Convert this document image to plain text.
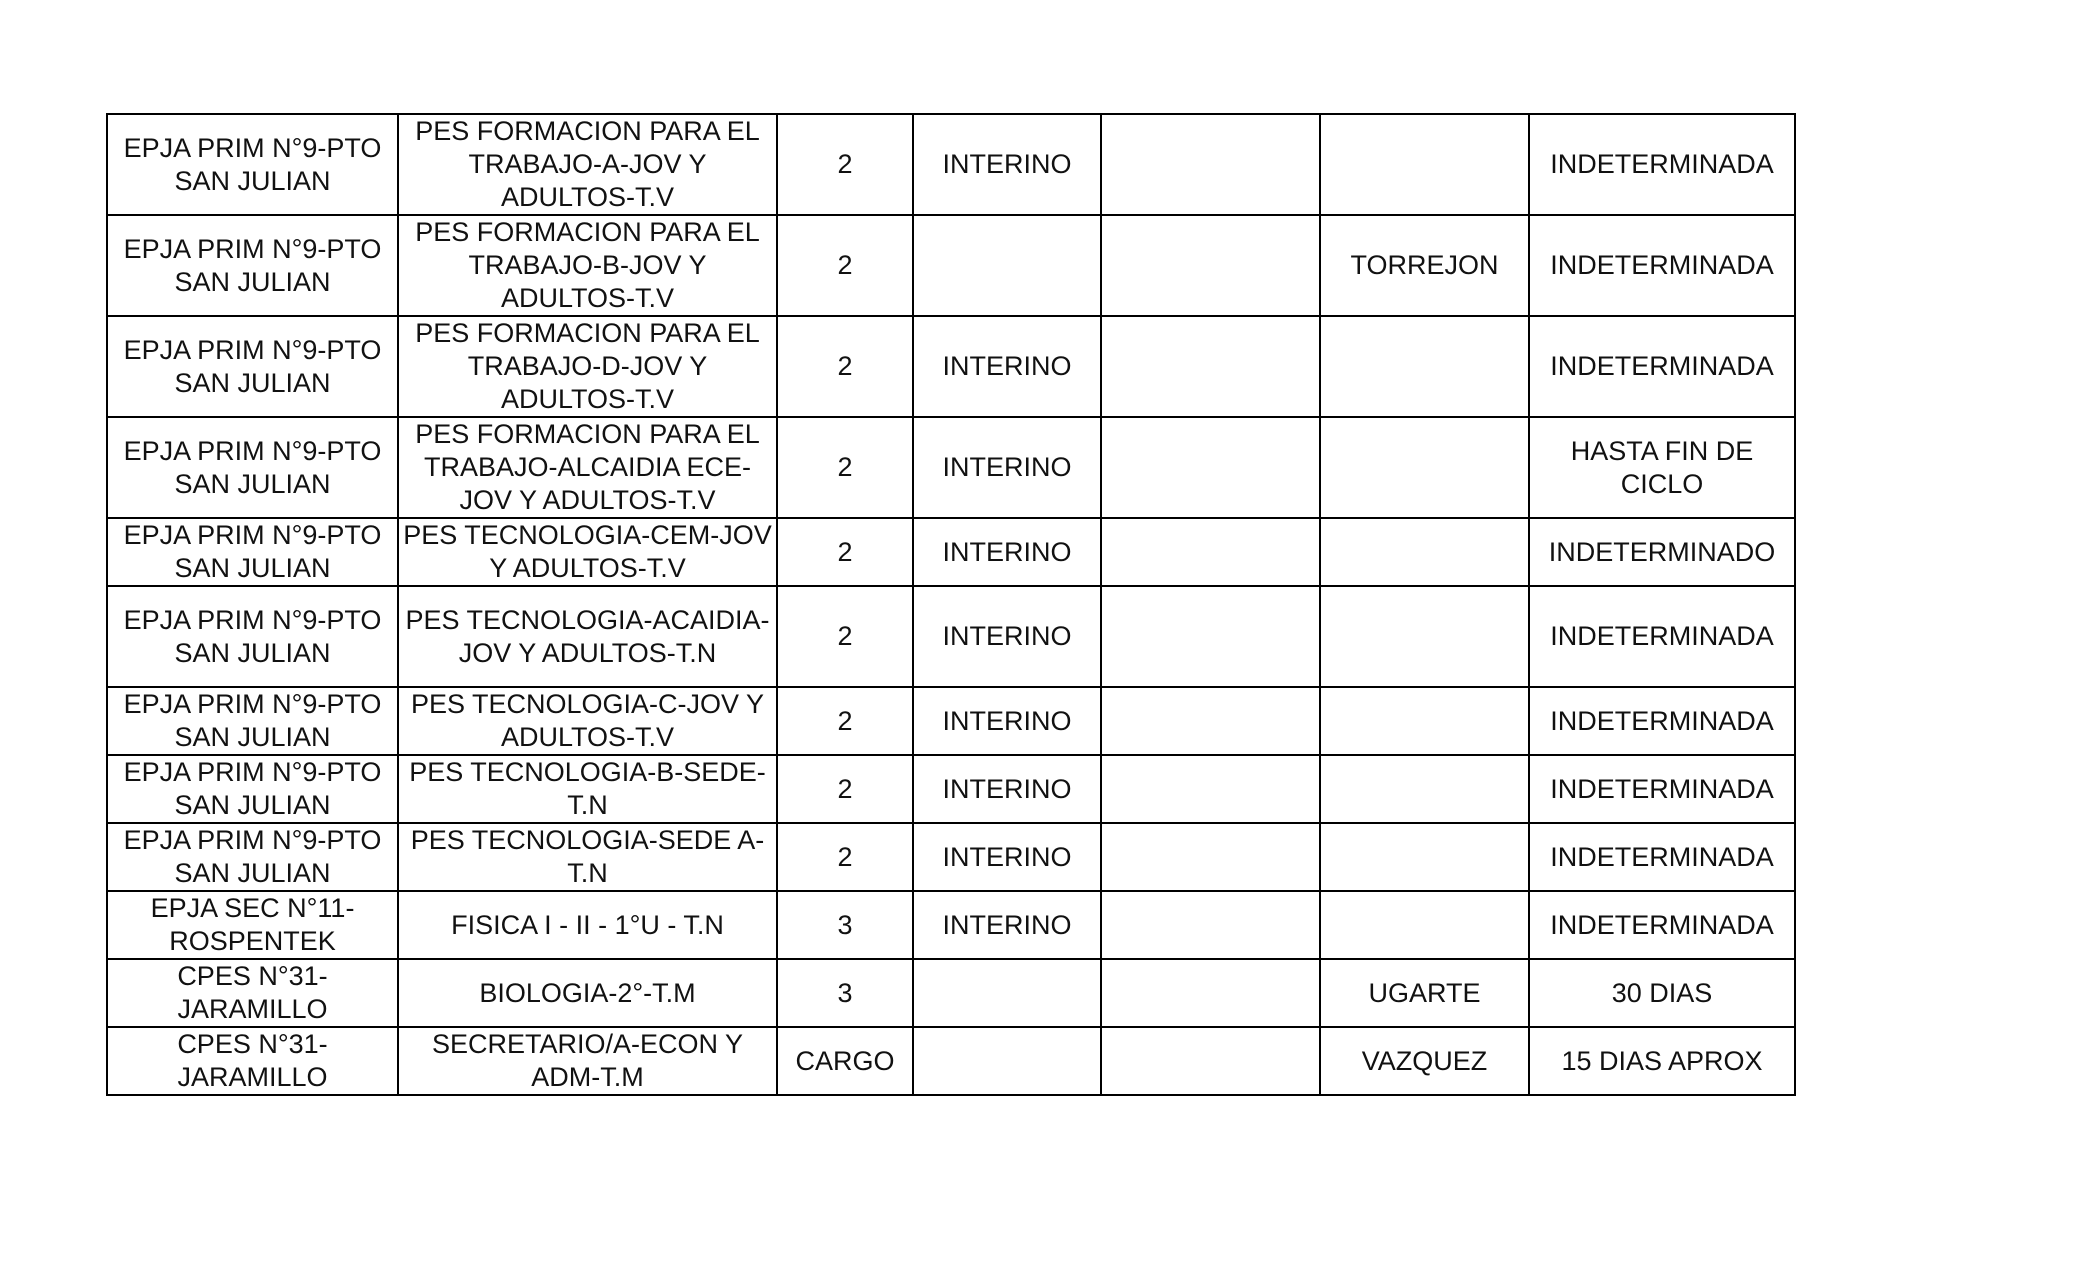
EPJA PRIM N°9-PTO SAN JULIAN	PES FORMACION PARA EL TRABAJO-A-JOV Y ADULTOS-T.V	2	INTERINO			INDETERMINADA
EPJA PRIM N°9-PTO SAN JULIAN	PES FORMACION PARA EL TRABAJO-B-JOV Y ADULTOS-T.V	2			TORREJON	INDETERMINADA
EPJA PRIM N°9-PTO SAN JULIAN	PES FORMACION PARA EL TRABAJO-D-JOV Y ADULTOS-T.V	2	INTERINO			INDETERMINADA
EPJA PRIM N°9-PTO SAN JULIAN	PES FORMACION PARA EL TRABAJO-ALCAIDIA ECE-JOV Y ADULTOS-T.V	2	INTERINO			HASTA FIN DE CICLO
EPJA PRIM N°9-PTO SAN JULIAN	PES TECNOLOGIA-CEM-JOV Y ADULTOS-T.V	2	INTERINO			INDETERMINADO
EPJA PRIM N°9-PTO SAN JULIAN	PES TECNOLOGIA-ACAIDIA-JOV Y ADULTOS-T.N	2	INTERINO			INDETERMINADA
EPJA PRIM N°9-PTO SAN JULIAN	PES TECNOLOGIA-C-JOV Y ADULTOS-T.V	2	INTERINO			INDETERMINADA
EPJA PRIM N°9-PTO SAN JULIAN	PES TECNOLOGIA-B-SEDE-T.N	2	INTERINO			INDETERMINADA
EPJA PRIM N°9-PTO SAN JULIAN	PES TECNOLOGIA-SEDE A-T.N	2	INTERINO			INDETERMINADA
EPJA SEC N°11-ROSPENTEK	FISICA I - II - 1°U - T.N	3	INTERINO			INDETERMINADA
CPES N°31-JARAMILLO	BIOLOGIA-2°-T.M	3			UGARTE	30 DIAS
CPES N°31-JARAMILLO	SECRETARIO/A-ECON Y ADM-T.M	CARGO			VAZQUEZ	15 DIAS APROX
